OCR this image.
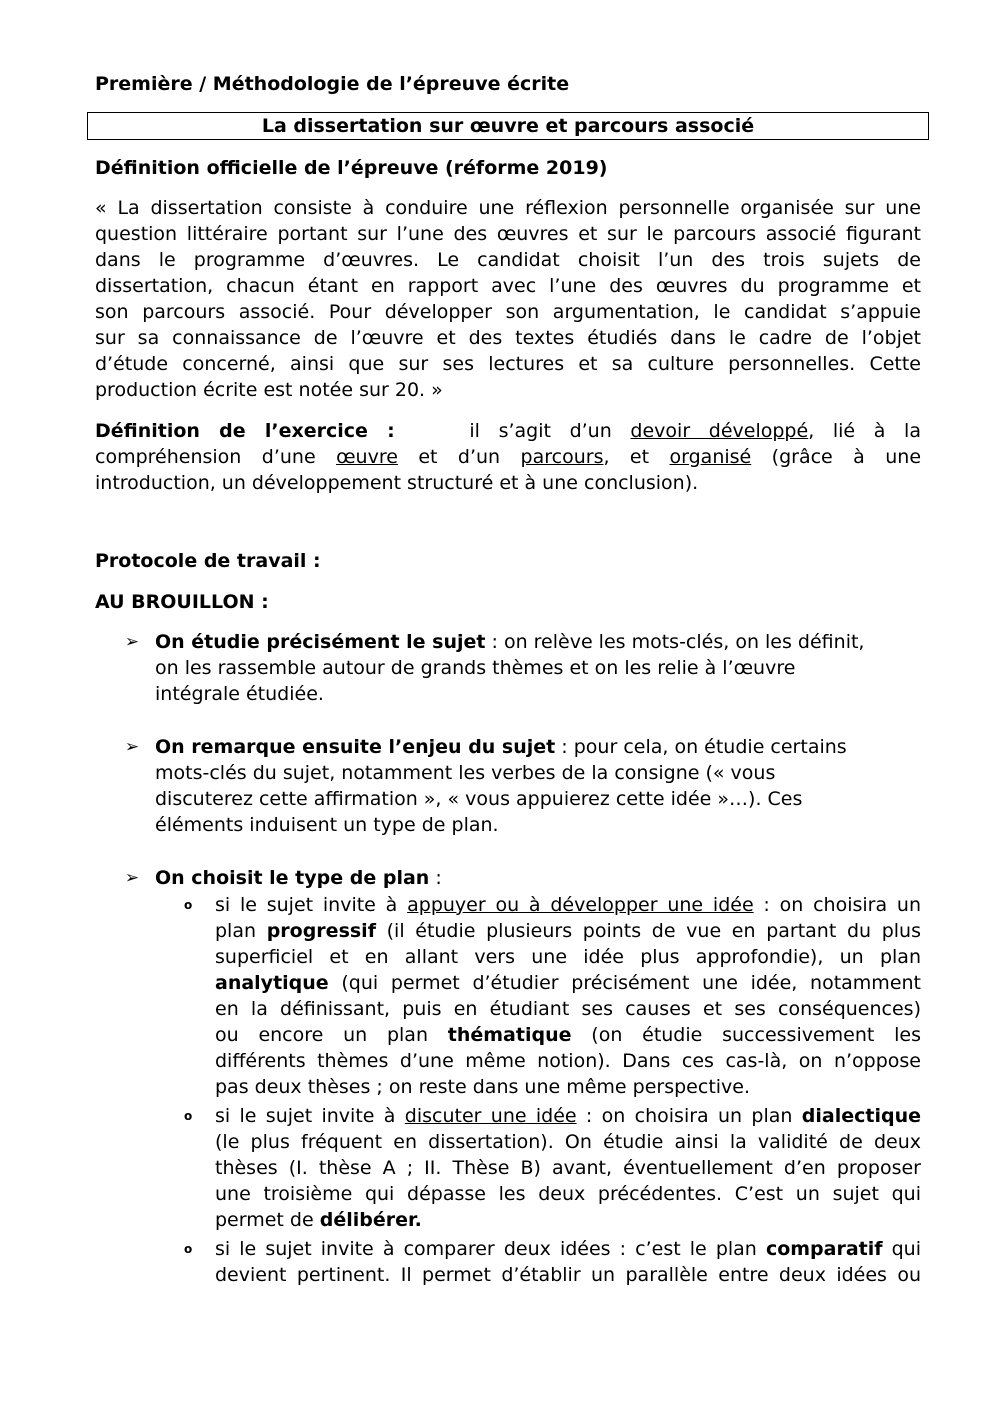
Première / Méthodologie de l’épreuve écrite
La dissertation sur œuvre et parcours associé
Définition officielle de l’épreuve (réforme 2019)
« La dissertation consiste à conduire une réflexion personnelle organisée sur une
question littéraire portant sur l’une des œuvres et sur le parcours associé figurant
dans le programme d’œuvres. Le candidat choisit l’un des trois sujets de
dissertation, chacun étant en rapport avec l’une des œuvres du programme et
son parcours associé. Pour développer son argumentation, le candidat s’appuie
sur sa connaissance de l’œuvre et des textes étudiés dans le cadre de l’objet
d’étude concerné, ainsi que sur ses lectures et sa culture personnelles. Cette
production écrite est notée sur 20. »
Définition de l’exercice :	il s’agit d’un devoir développé, lié à la
compréhension d’une œuvre et d’un parcours, et organisé (grâce à une
introduction, un développement structuré et à une conclusion).
Protocole de travail :
AU BROUILLON :
➢ On étudie précisément le sujet : on relève les mots-clés, on les définit,
on les rassemble autour de grands thèmes et on les relie à l’œuvre
intégrale étudiée.
➢ On remarque ensuite l’enjeu du sujet : pour cela, on étudie certains
mots-clés du sujet, notamment les verbes de la consigne (« vous
discuterez cette affirmation », « vous appuierez cette idée »…). Ces
éléments induisent un type de plan.
➢ On choisit le type de plan :
o si le sujet invite à appuyer ou à développer une idée : on choisira un
plan progressif (il étudie plusieurs points de vue en partant du plus
superficiel et en allant vers une idée plus approfondie), un plan
analytique (qui permet d’étudier précisément une idée, notamment
en la définissant, puis en étudiant ses causes et ses conséquences)
ou encore un plan thématique (on étudie successivement les
différents thèmes d’une même notion). Dans ces cas-là, on n’oppose
pas deux thèses ; on reste dans une même perspective.
o si le sujet invite à discuter une idée : on choisira un plan dialectique
(le plus fréquent en dissertation). On étudie ainsi la validité de deux
thèses (I. thèse A ; II. Thèse B) avant, éventuellement d’en proposer
une troisième qui dépasse les deux précédentes. C’est un sujet qui
permet de délibérer.
o si le sujet invite à comparer deux idées : c’est le plan comparatif qui
devient pertinent. Il permet d’établir un parallèle entre deux idées ou
